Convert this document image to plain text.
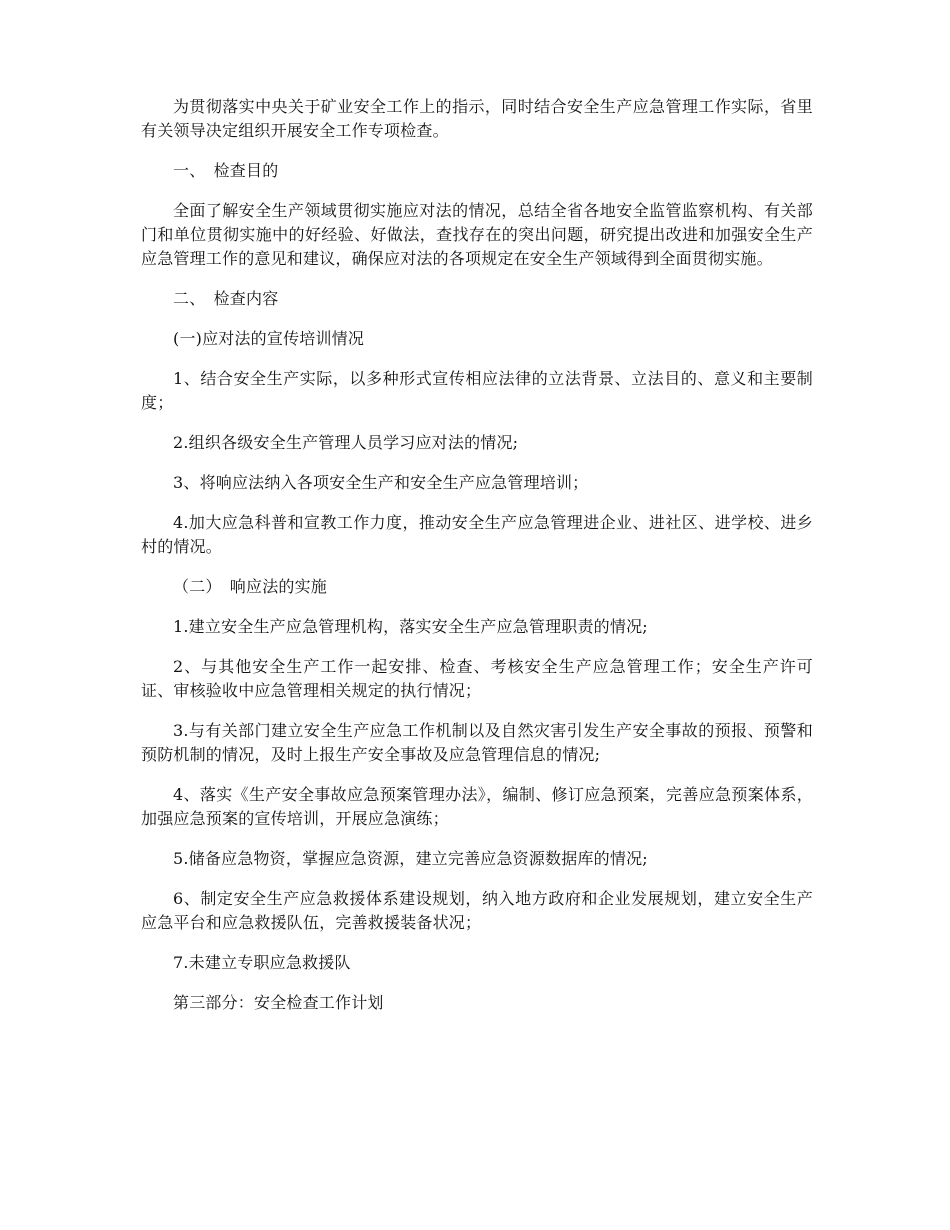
为贯彻落实中央关于矿业安全工作上的指示，同时结合安全生产应急管理工作实际，省里有关领导决定组织开展安全工作专项检查。

一、　检查目的

全面了解安全生产领域贯彻实施应对法的情况，总结全省各地安全监管监察机构、有关部门和单位贯彻实施中的好经验、好做法，查找存在的突出问题，研究提出改进和加强安全生产应急管理工作的意见和建议，确保应对法的各项规定在安全生产领域得到全面贯彻实施。

二、　检查内容

(一)应对法的宣传培训情况

1、结合安全生产实际，以多种形式宣传相应法律的立法背景、立法目的、意义和主要制度；

2.组织各级安全生产管理人员学习应对法的情况;

3、将响应法纳入各项安全生产和安全生产应急管理培训；

4.加大应急科普和宣教工作力度，推动安全生产应急管理进企业、进社区、进学校、进乡村的情况。

（二）　响应法的实施

1.建立安全生产应急管理机构，落实安全生产应急管理职责的情况;

2、与其他安全生产工作一起安排、检查、考核安全生产应急管理工作；安全生产许可证、审核验收中应急管理相关规定的执行情况；

3.与有关部门建立安全生产应急工作机制以及自然灾害引发生产安全事故的预报、预警和预防机制的情况，及时上报生产安全事故及应急管理信息的情况;

4、落实《生产安全事故应急预案管理办法》，编制、修订应急预案，完善应急预案体系，加强应急预案的宣传培训，开展应急演练；

5.储备应急物资，掌握应急资源，建立完善应急资源数据库的情况;

6、制定安全生产应急救援体系建设规划，纳入地方政府和企业发展规划，建立安全生产应急平台和应急救援队伍，完善救援装备状况；

7.未建立专职应急救援队

第三部分：安全检查工作计划
